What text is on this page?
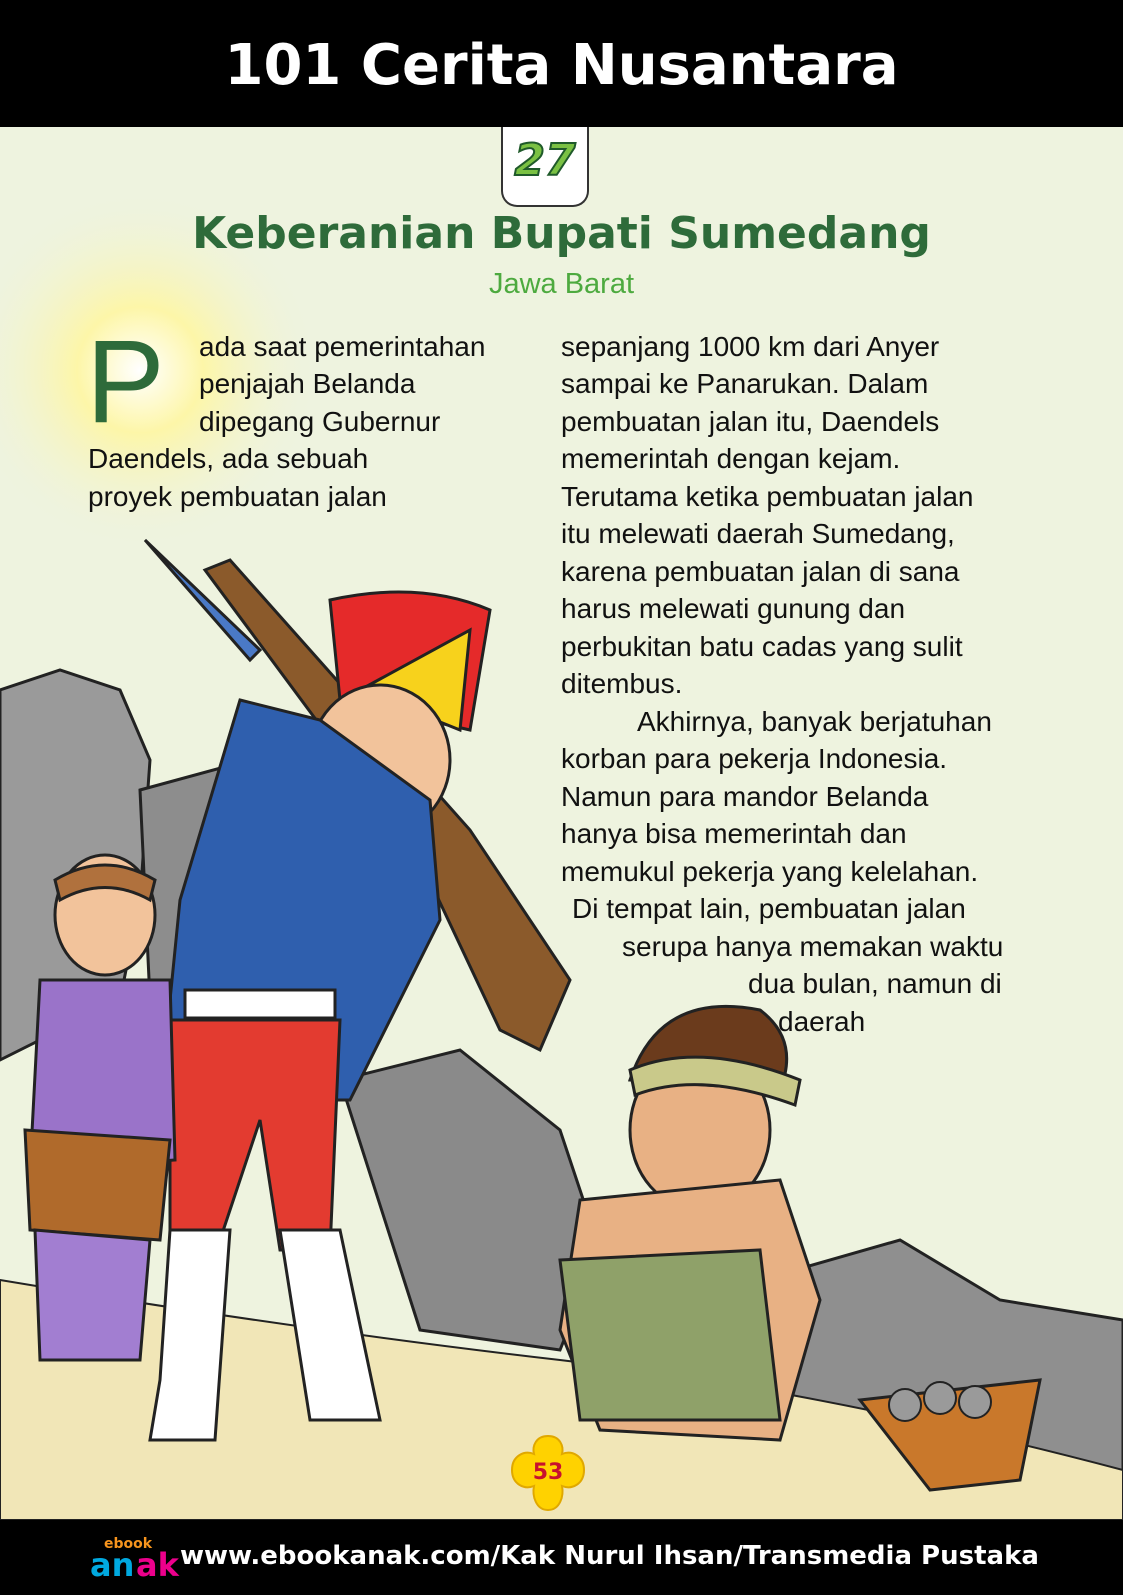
101 Cerita Nusantara
27
Keberanian Bupati Sumedang
Jawa Barat
P ada saat pemerintahan
penjajah Belanda
dipegang Gubernur
Daendels, ada sebuah
proyek pembuatan jalan
sepanjang 1000 km dari Anyer
sampai ke Panarukan. Dalam
pembuatan jalan itu, Daendels
memerintah dengan kejam.
Terutama ketika pembuatan jalan
itu melewati daerah Sumedang,
karena pembuatan jalan di sana
harus melewati gunung dan
perbukitan batu cadas yang sulit
ditembus.
Akhirnya, banyak berjatuhan
korban para pekerja Indonesia.
Namun para mandor Belanda
hanya bisa memerintah dan
memukul pekerja yang kelelahan.
Di tempat lain, pembuatan jalan
serupa hanya memakan waktu
dua bulan, namun di
daerah
53
ebook
an ak www.ebookanak.com/Kak Nurul Ihsan/Transmedia Pustaka
